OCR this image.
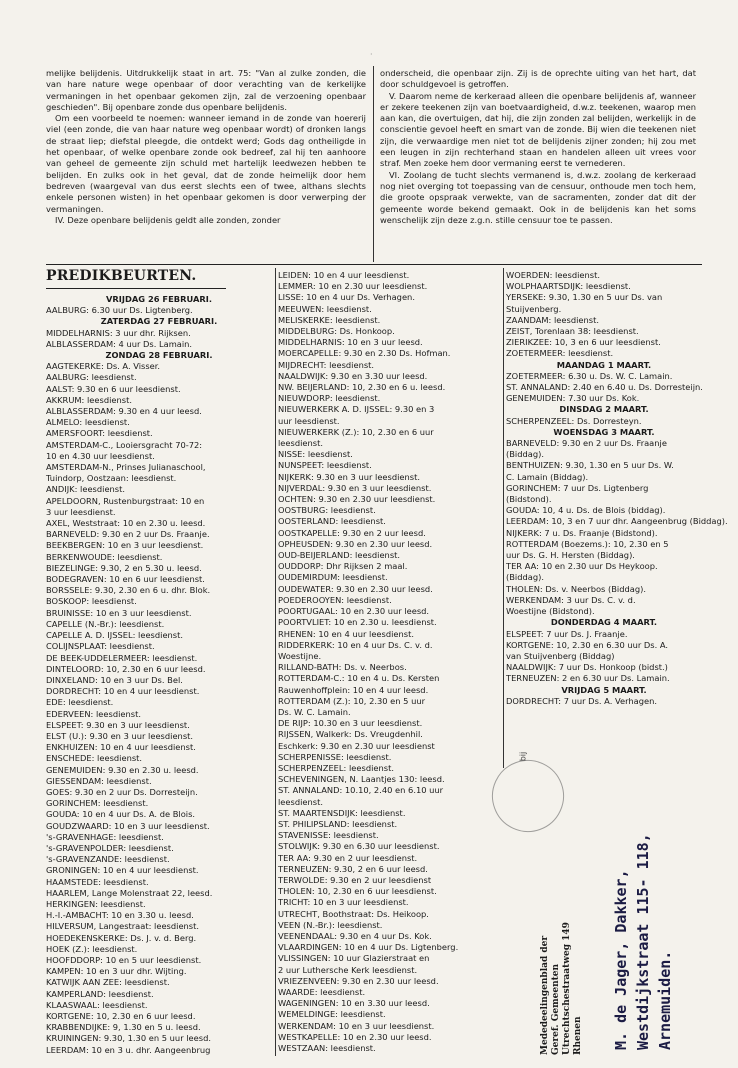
·

melijke belijdenis. Uitdrukkelijk staat in art. 75: "Van al zulke zonden, die van hare nature wege openbaar of door verachting van de kerkelijke vermaningen in het openbaar gekomen zijn, zal de verzoening openbaar geschieden". Bij openbare zonde dus openbare belijdenis.

Om een voorbeeld te noemen: wanneer iemand in de zonde van hoererij viel (een zonde, die van haar nature weg openbaar wordt) of dronken langs de straat liep; diefstal pleegde, die ontdekt werd; Gods dag ontheiligde in het openbaar, of welke openbare zonde ook bedreef, zal hij ten aanhoore van geheel de gemeente zijn schuld met hartelijk leedwezen hebben te belijden. En zulks ook in het geval, dat de zonde heimelijk door hem bedreven (waargeval van dus eerst slechts een of twee, althans slechts enkele personen wisten) in het openbaar gekomen is door verwerping der vermaningen.

IV. Deze openbare belijdenis geldt alle zonden, zonder

onderscheid, die openbaar zijn. Zij is de oprechte uiting van het hart, dat door schuldgevoel is getroffen.

V. Daarom neme de kerkeraad alleen die openbare belijdenis af, wanneer er zekere teekenen zijn van boetvaardigheid, d.w.z. teekenen, waarop men aan kan, die overtuigen, dat hij, die zijn zonden zal belijden, werkelijk in de conscientie gevoel heeft en smart van de zonde. Bij wien die teekenen niet zijn, die verwaardige men niet tot de belijdenis zijner zonden; hij zou met een leugen in zijn rechterhand staan en handelen alleen uit vrees voor straf. Men zoeke hem door vermaning eerst te vernederen.

VI. Zoolang de tucht slechts vermanend is, d.w.z. zoolang de kerkeraad nog niet overging tot toepassing van de censuur, onthoude men toch hem, die groote opspraak verwekte, van de sacramenten, zonder dat dit der gemeente worde bekend gemaakt. Ook in de belijdenis kan het soms wenschelijk zijn deze z.g.n. stille censuur toe te passen.

PREDIKBEURTEN.
VRIJDAG 26 FEBRUARI.
AALBURG: 6.30 uur Ds. Ligtenberg.
ZATERDAG 27 FEBRUARI.
MIDDELHARNIS: 3 uur dhr. Rijksen.
ALBLASSERDAM: 4 uur Ds. Lamain.
ZONDAG 28 FEBRUARI.
AAGTEKERKE: Ds. A. Visser.
AALBURG: leesdienst.
AALST: 9.30 en 6 uur leesdienst.
AKKRUM: leesdienst.
ALBLASSERDAM: 9.30 en 4 uur leesd.
ALMELO: leesdienst.
AMERSFOORT: leesdienst.
AMSTERDAM-C., Looiersgracht 70-72:
10 en 4.30 uur leesdienst.
AMSTERDAM-N., Prinses Julianaschool,
Tuindorp, Oostzaan: leesdienst.
ANDIJK: leesdienst.
APELDOORN, Rustenburgstraat: 10 en
3 uur leesdienst.
AXEL, Weststraat: 10 en 2.30 u. leesd.
BARNEVELD: 9.30 en 2 uur Ds. Fraanje.
BEEKBERGEN: 10 en 3 uur leesdienst.
BERKENWOUDE: leesdienst.
BIEZELINGE: 9.30, 2 en 5.30 u. leesd.
BODEGRAVEN: 10 en 6 uur leesdienst.
BORSSELE: 9.30, 2.30 en 6 u. dhr. Blok.
BOSKOOP: leesdienst.
BRUINISSE: 10 en 3 uur leesdienst.
CAPELLE (N.-Br.): leesdienst.
CAPELLE A. D. IJSSEL: leesdienst.
COLIJNSPLAAT: leesdienst.
DE BEEK-UDDELERMEER: leesdienst.
DINTELOORD: 10, 2.30 en 6 uur leesd.
DINXELAND: 10 en 3 uur Ds. Bel.
DORDRECHT: 10 en 4 uur leesdienst.
EDE: leesdienst.
EDERVEEN: leesdienst.
ELSPEET: 9.30 en 3 uur leesdienst.
ELST (U.): 9.30 en 3 uur leesdienst.
ENKHUIZEN: 10 en 4 uur leesdienst.
ENSCHEDE: leesdienst.
GENEMUIDEN: 9.30 en 2.30 u. leesd.
GIESSENDAM: leesdienst.
GOES: 9.30 en 2 uur Ds. Dorresteijn.
GORINCHEM: leesdienst.
GOUDA: 10 en 4 uur Ds. A. de Blois.
GOUDZWAARD: 10 en 3 uur leesdienst.
's-GRAVENHAGE: leesdienst.
's-GRAVENPOLDER: leesdienst.
's-GRAVENZANDE: leesdienst.
GRONINGEN: 10 en 4 uur leesdienst.
HAAMSTEDE: leesdienst.
HAARLEM, Lange Molenstraat 22, leesd.
HERKINGEN: leesdienst.
H.-I.-AMBACHT: 10 en 3.30 u. leesd.
HILVERSUM, Langestraat: leesdienst.
HOEDEKENSKERKE: Ds. J. v. d. Berg.
HOEK (Z.): leesdienst.
HOOFDDORP: 10 en 5 uur leesdienst.
KAMPEN: 10 en 3 uur dhr. Wijting.
KATWIJK AAN ZEE: leesdienst.
KAMPERLAND: leesdienst.
KLAASWAAL: leesdienst.
KORTGENE: 10, 2.30 en 6 uur leesd.
KRABBENDIJKE: 9, 1.30 en 5 u. leesd.
KRUININGEN: 9.30, 1.30 en 5 uur leesd.
LEERDAM: 10 en 3 u. dhr. Aangeenbrug
LEIDEN: 10 en 4 uur leesdienst.
LEMMER: 10 en 2.30 uur leesdienst.
LISSE: 10 en 4 uur Ds. Verhagen.
MEEUWEN: leesdienst.
MELISKERKE: leesdienst.
MIDDELBURG: Ds. Honkoop.
MIDDELHARNIS: 10 en 3 uur leesd.
MOERCAPELLE: 9.30 en 2.30 Ds. Hofman.
MIJDRECHT: leesdienst.
NAALDWIJK: 9.30 en 3.30 uur leesd.
NW. BEIJERLAND: 10, 2.30 en 6 u. leesd.
NIEUWDORP: leesdienst.
NIEUWERKERK A. D. IJSSEL: 9.30 en 3
uur leesdienst.
NIEUWERKERK (Z.): 10, 2.30 en 6 uur
leesdienst.
NISSE: leesdienst.
NUNSPEET: leesdienst.
NIJKERK: 9.30 en 3 uur leesdienst.
NIJVERDAL: 9.30 en 3 uur leesdienst.
OCHTEN: 9.30 en 2.30 uur leesdienst.
OOSTBURG: leesdienst.
OOSTERLAND: leesdienst.
OOSTKAPELLE: 9.30 en 2 uur leesd.
OPHEUSDEN: 9.30 en 2.30 uur leesd.
OUD-BEIJERLAND: leesdienst.
OUDDORP: Dhr Rijksen 2 maal.
OUDEMIRDUM: leesdienst.
OUDEWATER: 9.30 en 2.30 uur leesd.
POEDEROOYEN: leesdienst.
POORTUGAAL: 10 en 2.30 uur leesd.
POORTVLIET: 10 en 2.30 u. leesdienst.
RHENEN: 10 en 4 uur leesdienst.
RIDDERKERK: 10 en 4 uur Ds. C. v. d.
Woestijne.
RILLAND-BATH: Ds. v. Neerbos.
ROTTERDAM-C.: 10 en 4 u. Ds. Kersten
Rauwenhoffplein: 10 en 4 uur leesd.
ROTTERDAM (Z.): 10, 2.30 en 5 uur
Ds. W. C. Lamain.
DE RIJP: 10.30 en 3 uur leesdienst.
RIJSSEN, Walkerk: Ds. Vreugdenhil.
Eschkerk: 9.30 en 2.30 uur leesdienst
SCHERPENISSE: leesdienst.
SCHERPENZEEL: leesdienst.
SCHEVENINGEN, N. Laantjes 130: leesd.
ST. ANNALAND: 10.10, 2.40 en 6.10 uur
leesdienst.
ST. MAARTENSDIJK: leesdienst.
ST. PHILIPSLAND: leesdienst.
STAVENISSE: leesdienst.
STOLWIJK: 9.30 en 6.30 uur leesdienst.
TER AA: 9.30 en 2 uur leesdienst.
TERNEUZEN: 9.30, 2 en 6 uur leesd.
TERWOLDE: 9.30 en 2 uur leesdienst
THOLEN: 10, 2.30 en 6 uur leesdienst.
TRICHT: 10 en 3 uur leesdienst.
UTRECHT, Boothstraat: Ds. Heikoop.
VEEN (N.-Br.): leesdienst.
VEENENDAAL: 9.30 en 4 uur Ds. Kok.
VLAARDINGEN: 10 en 4 uur Ds. Ligtenberg.
VLISSINGEN: 10 uur Glazierstraat en
2 uur Luthersche Kerk leesdienst.
VRIEZENVEEN: 9.30 en 2.30 uur leesd.
WAARDE: leesdienst.
WAGENINGEN: 10 en 3.30 uur leesd.
WEMELDINGE: leesdienst.
WERKENDAM: 10 en 3 uur leesdienst.
WESTKAPELLE: 10 en 2.30 uur leesd.
WESTZAAN: leesdienst.
WOERDEN: leesdienst.
WOLPHAARTSDIJK: leesdienst.
YERSEKE: 9.30, 1.30 en 5 uur Ds. van
Stuijvenberg.
ZAANDAM: leesdienst.
ZEIST, Torenlaan 38: leesdienst.
ZIERIKZEE: 10, 3 en 6 uur leesdienst.
ZOETERMEER: leesdienst.
MAANDAG 1 MAART.
ZOETERMEER: 6.30 u. Ds. W. C. Lamain.
ST. ANNALAND: 2.40 en 6.40 u. Ds. Dorresteijn.
GENEMUIDEN: 7.30 uur Ds. Kok.
DINSDAG 2 MAART.
SCHERPENZEEL: Ds. Dorresteyn.
WOENSDAG 3 MAART.
BARNEVELD: 9.30 en 2 uur Ds. Fraanje
(Biddag).
BENTHUIZEN: 9.30, 1.30 en 5 uur Ds. W.
C. Lamain (Biddag).
GORINCHEM: 7 uur Ds. Ligtenberg
(Bidstond).
GOUDA: 10, 4 u. Ds. de Blois (biddag).
LEERDAM: 10, 3 en 7 uur dhr. Aangeenbrug (Biddag).
NIJKERK: 7 u. Ds. Fraanje (Bidstond).
ROTTERDAM (Boezems.): 10, 2.30 en 5
uur Ds. G. H. Hersten (Biddag).
TER AA: 10 en 2.30 uur Ds Heykoop.
(Biddag).
THOLEN: Ds. v. Neerbos (Biddag).
WERKENDAM: 3 uur Ds. C. v. d.
Woestijne (Bidstond).
DONDERDAG 4 MAART.
ELSPEET: 7 uur Ds. J. Fraanje.
KORTGENE: 10, 2.30 en 6.30 uur Ds. A.
van Stuijvenberg (Biddag)
NAALDWIJK: 7 uur Ds. Honkoop (bidst.)
TERNEUZEN: 2 en 6.30 uur Ds. Lamain.
VRIJDAG 5 MAART.
DORDRECHT: 7 uur Ds. A. Verhagen.
bij
Mededeelingenblad der Geref. Gemeenten Utrechtschestraatweg 149 Rhenen M. de Jager, Dakker, Westdijkstraat 115- 118, Arnemuiden.
